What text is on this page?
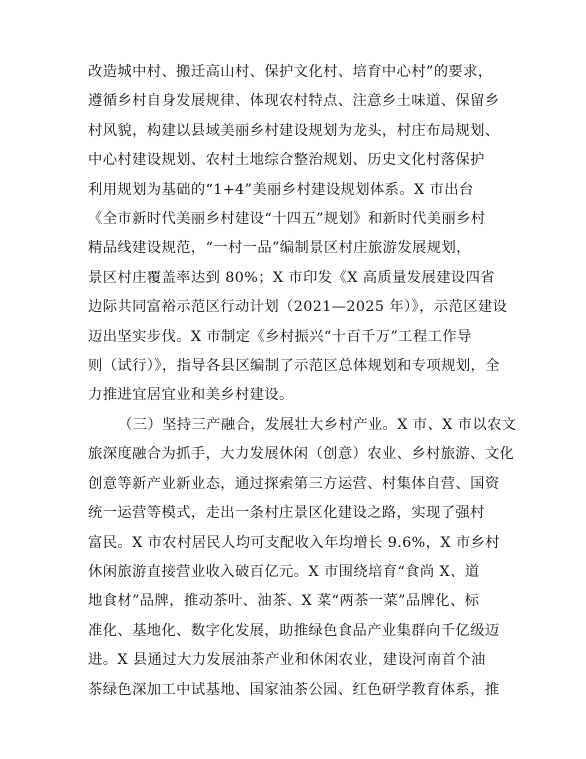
改造城中村、搬迁高山村、保护文化村、培育中心村”的要求，
遵循乡村自身发展规律、体现农村特点、注意乡土味道、保留乡
村风貌，构建以县域美丽乡村建设规划为龙头，村庄布局规划、
中心村建设规划、农村土地综合整治规划、历史文化村落保护
利用规划为基础的“1+4”美丽乡村建设规划体系。X 市出台
《全市新时代美丽乡村建设“十四五”规划》和新时代美丽乡村
精品线建设规范，“一村一品”编制景区村庄旅游发展规划，
景区村庄覆盖率达到 80%；X 市印发《X 高质量发展建设四省
边际共同富裕示范区行动计划（2021—2025 年）》，示范区建设
迈出坚实步伐。X 市制定《乡村振兴“十百千万”工程工作导
则（试行）》，指导各县区编制了示范区总体规划和专项规划，全
力推进宜居宜业和美乡村建设。
（三）坚持三产融合，发展壮大乡村产业。X 市、X 市以农文
旅深度融合为抓手，大力发展休闲（创意）农业、乡村旅游、文化
创意等新产业新业态，通过探索第三方运营、村集体自营、国资
统一运营等模式，走出一条村庄景区化建设之路，实现了强村
富民。X 市农村居民人均可支配收入年均增长 9.6%，X 市乡村
休闲旅游直接营业收入破百亿元。X 市围绕培育“食尚 X、道
地食材”品牌，推动茶叶、油茶、X 菜“两茶一菜”品牌化、标
准化、基地化、数字化发展，助推绿色食品产业集群向千亿级迈
进。X 县通过大力发展油茶产业和休闲农业，建设河南首个油
茶绿色深加工中试基地、国家油茶公园、红色研学教育体系，推
